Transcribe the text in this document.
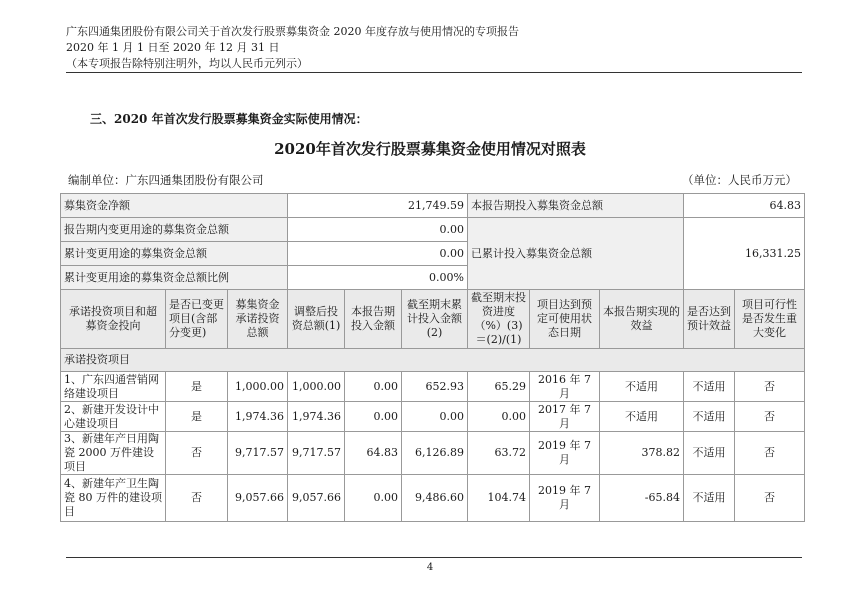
广东四通集团股份有限公司关于首次发行股票募集资金 2020 年度存放与使用情况的专项报告
2020 年 1 月 1 日至 2020 年 12 月 31 日
（本专项报告除特别注明外，均以人民币元列示）
三、2020 年首次发行股票募集资金实际使用情况：
2020年首次发行股票募集资金使用情况对照表
编制单位：广东四通集团股份有限公司	（单位：人民币万元）
募集资金净额			21,749.59			本报告期投入募集资金总额			64.83	
报告期内变更用途的募集资金总额			0.00			已累计投入募集资金总额			16,331.25	
累计变更用途的募集资金总额			0.00							
累计变更用途的募集资金总额比例			0.00%							
承诺投资项目和超募资金投向	是否已变更项目(含部分变更)	募集资金承诺投资总额	调整后投资总额(1)	本报告期投入金额	截至期末累计投入金额(2)	截至期末投资进度（%）(3)＝(2)/(1)	项目达到预定可使用状态日期	本报告期实现的效益	是否达到预计效益	项目可行性是否发生重大变化
承诺投资项目										
1、广东四通营销网络建设项目	是	1,000.00	1,000.00	0.00	652.93	65.29	2016 年 7 月	不适用	不适用	否
2、新建开发设计中心建设项目	是	1,974.36	1,974.36	0.00	0.00	0.00	2017 年 7 月	不适用	不适用	否
3、新建年产日用陶瓷 2000 万件建设项目	否	9,717.57	9,717.57	64.83	6,126.89	63.72	2019 年 7 月	378.82	不适用	否
4、新建年产卫生陶瓷 80 万件的建设项目	否	9,057.66	9,057.66	0.00	9,486.60	104.74	2019 年 7 月	-65.84	不适用	否
4
